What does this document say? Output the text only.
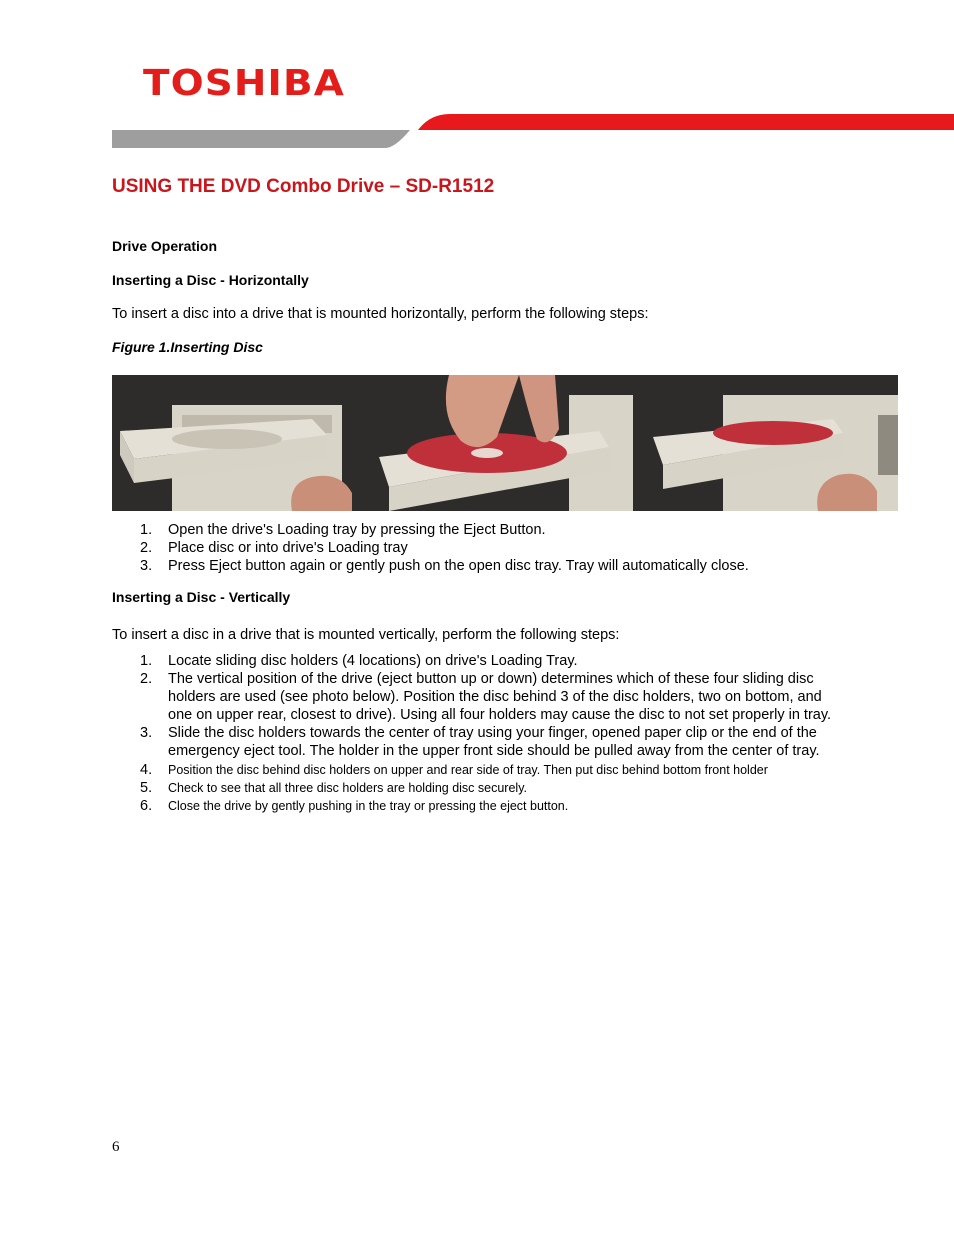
TOSHIBA
USING THE DVD Combo Drive – SD-R1512

Drive Operation

Inserting a Disc - Horizontally

To insert a disc into a drive that is mounted horizontally, perform the following steps:

Figure 1.Inserting Disc

1. Open the drive's Loading tray by pressing the Eject Button.
2. Place disc or into drive's Loading tray
3. Press Eject button again or gently push on the open disc tray. Tray will automatically close.

Inserting a Disc - Vertically

To insert a disc in a drive that is mounted vertically, perform the following steps:

1. Locate sliding disc holders (4 locations) on drive's Loading Tray.
2. The vertical position of the drive (eject button up or down) determines which of these four sliding disc holders are used (see photo below). Position the disc behind 3 of the disc holders, two on bottom, and one on upper rear, closest to drive). Using all four holders may cause the disc to not set properly in tray.
3. Slide the disc holders towards the center of tray using your finger, opened paper clip or the end of the emergency eject tool. The holder in the upper front side should be pulled away from the center of tray.
4. Position the disc behind disc holders on upper and rear side of tray. Then put disc behind bottom front holder
5. Check to see that all three disc holders are holding disc securely.
6. Close the drive by gently pushing in the tray or pressing the eject button.

6
